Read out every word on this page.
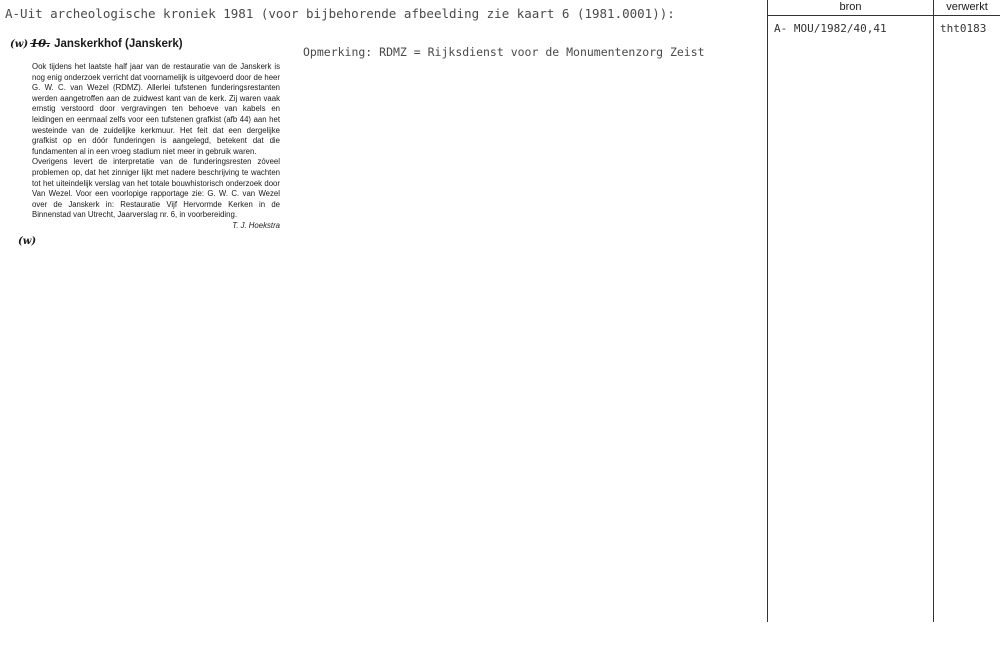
A-Uit archeologische kroniek 1981 (voor bijbehorende afbeelding zie kaart 6 (1981.0001)):
(w) 10. Janskerkhof (Janskerk)
Ook tijdens het laatste half jaar van de restauratie van de Janskerk is nog enig onderzoek verricht dat voornamelijk is uitgevoerd door de heer G. W. C. van Wezel (RDMZ). Allerlei tufstenen funderingsrestanten werden aangetroffen aan de zuidwest kant van de kerk. Zij waren vaak ernstig verstoord door vergravingen ten behoeve van kabels en leidingen en eenmaal zelfs voor een tufstenen grafkist (afb 44) aan het westeinde van de zuidelijke kerkmuur. Het feit dat een dergelijke grafkist op en dóór funderingen is aangelegd, betekent dat die fundamenten al in een vroeg stadium niet meer in gebruik waren.
Overigens levert de interpretatie van de funderingsresten zóveel problemen op, dat het zinniger lijkt met nadere beschrijving te wachten tot het uiteindelijk verslag van het totale bouwhistorisch onderzoek door Van Wezel. Voor een voorlopige rapportage zie: G. W. C. van Wezel over de Janskerk in: Restauratie Vijf Hervormde Kerken in de Binnenstad van Utrecht, Jaarverslag nr. 6, in voorbereiding.
T. J. Hoekstra
(w)
Opmerking: RDMZ = Rijksdienst voor de Monumentenzorg Zeist
bron	verwerkt
A- MOU/1982/40,41	tht0183
